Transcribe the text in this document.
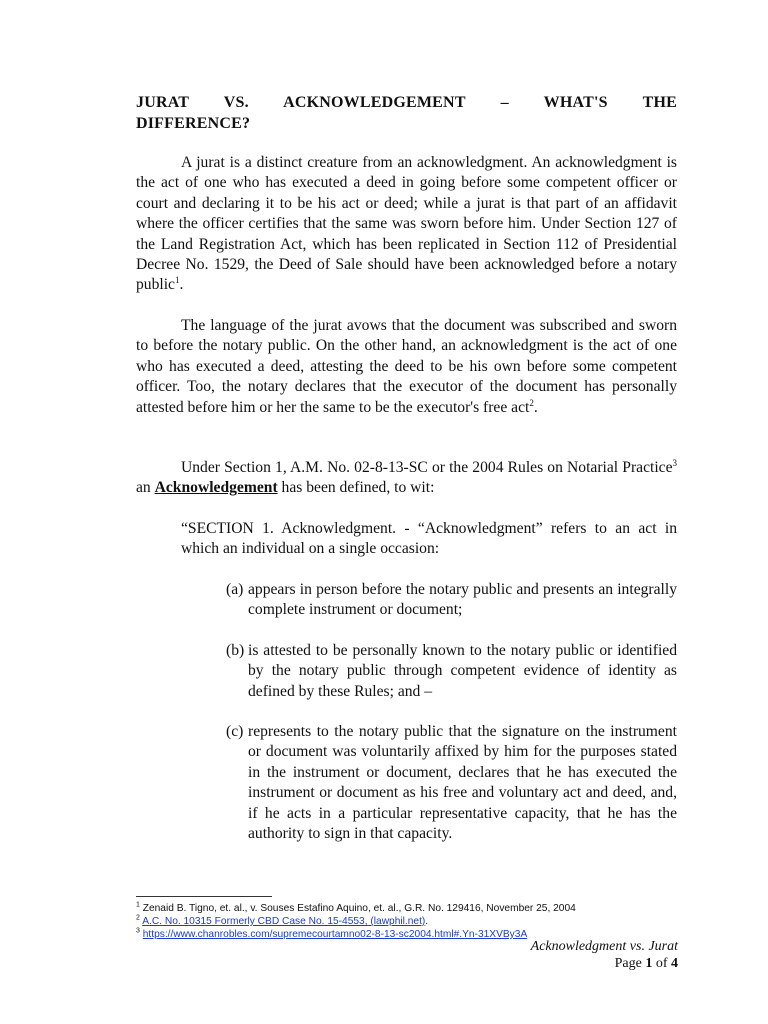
JURAT VS. ACKNOWLEDGEMENT – WHAT'S THE
DIFFERENCE?
A jurat is a distinct creature from an acknowledgment. An acknowledgment is the act of one who has executed a deed in going before some competent officer or court and declaring it to be his act or deed; while a jurat is that part of an affidavit where the officer certifies that the same was sworn before him. Under Section 127 of the Land Registration Act, which has been replicated in Section 112 of Presidential Decree No. 1529, the Deed of Sale should have been acknowledged before a notary public$^1$.
The language of the jurat avows that the document was subscribed and sworn to before the notary public. On the other hand, an acknowledgment is the act of one who has executed a deed, attesting the deed to be his own before some competent officer. Too, the notary declares that the executor of the document has personally attested before him or her the same to be the executor's free act$^2$.
Under Section 1, A.M. No. 02-8-13-SC or the 2004 Rules on Notarial Practice$^3$ an Acknowledgement has been defined, to wit:
“SECTION 1. Acknowledgment. - “Acknowledgment” refers to an act in which an individual on a single occasion:
(a) appears in person before the notary public and presents an integrally complete instrument or document;
(b) is attested to be personally known to the notary public or identified by the notary public through competent evidence of identity as defined by these Rules; and –
(c) represents to the notary public that the signature on the instrument or document was voluntarily affixed by him for the purposes stated in the instrument or document, declares that he has executed the instrument or document as his free and voluntary act and deed, and, if he acts in a particular representative capacity, that he has the authority to sign in that capacity.
$^1$ Zenaid B. Tigno, et. al., v. Souses Estafino Aquino, et. al., G.R. No. 129416, November 25, 2004
$^2$ A.C. No. 10315 Formerly CBD Case No. 15-4553, (lawphil.net).
$^3$ https://www.chanrobles.com/supremecourtamno02-8-13-sc2004.html#.Yn-31XVBy3A
Acknowledgment vs. Jurat
Page 1 of 4
